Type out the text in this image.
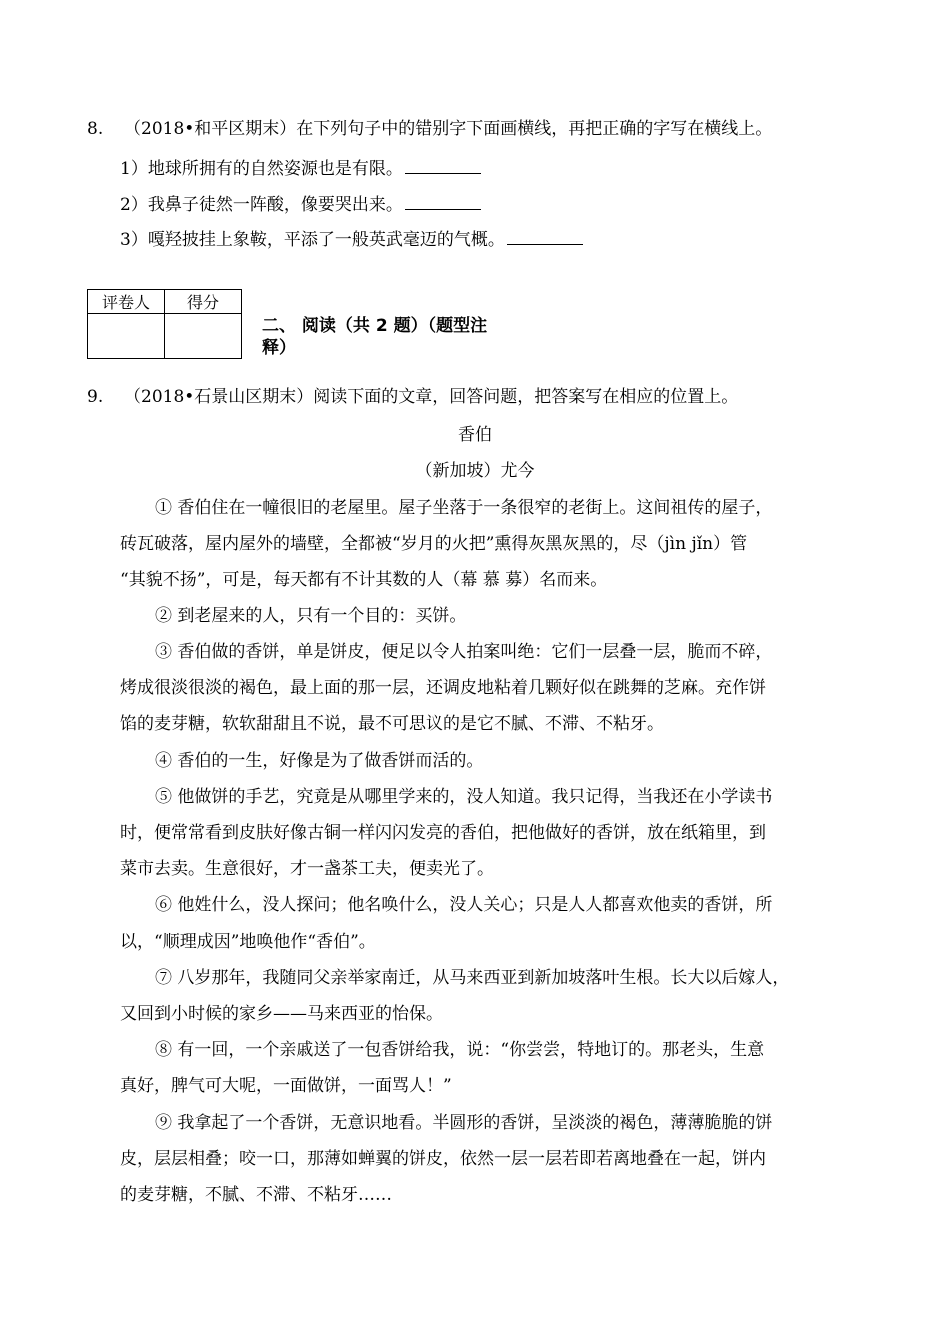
8. （2018•和平区期末）在下列句子中的错别字下面画横线，再把正确的字写在横线上。
1）地球所拥有的自然姿源也是有限。
2）我鼻子徒然一阵酸，像要哭出来。
3）嘎羟披挂上象鞍，平添了一般英武毫迈的气概。
评卷人	得分

二、 阅读（共 2 题）（题型注
释）
9. （2018•石景山区期末）阅读下面的文章，回答问题，把答案写在相应的位置上。
香伯
（新加坡）尤今
① 香伯住在一幢很旧的老屋里。屋子坐落于一条很窄的老街上。这间祖传的屋子，
砖瓦破落，屋内屋外的墙壁，全都被“岁月的火把”熏得灰黑灰黑的，尽（jìn jǐn）管
“其貌不扬”，可是，每天都有不计其数的人（幕 慕 募）名而来。
② 到老屋来的人，只有一个目的：买饼。
③ 香伯做的香饼，单是饼皮，便足以令人拍案叫绝：它们一层叠一层，脆而不碎，
烤成很淡很淡的褐色，最上面的那一层，还调皮地粘着几颗好似在跳舞的芝麻。充作饼
馅的麦芽糖，软软甜甜且不说，最不可思议的是它不腻、不滞、不粘牙。
④ 香伯的一生，好像是为了做香饼而活的。
⑤ 他做饼的手艺，究竟是从哪里学来的，没人知道。我只记得，当我还在小学读书
时，便常常看到皮肤好像古铜一样闪闪发亮的香伯，把他做好的香饼，放在纸箱里，到
菜市去卖。生意很好，才一盏茶工夫，便卖光了。
⑥ 他姓什么，没人探问；他名唤什么，没人关心；只是人人都喜欢他卖的香饼，所
以，“顺理成因”地唤他作“香伯”。
⑦ 八岁那年，我随同父亲举家南迁，从马来西亚到新加坡落叶生根。长大以后嫁人，
又回到小时候的家乡——马来西亚的怡保。
⑧ 有一回，一个亲戚送了一包香饼给我，说：“你尝尝，特地订的。那老头，生意
真好，脾气可大呢，一面做饼，一面骂人！”
⑨ 我拿起了一个香饼，无意识地看。半圆形的香饼，呈淡淡的褐色，薄薄脆脆的饼
皮，层层相叠；咬一口，那薄如蝉翼的饼皮，依然一层一层若即若离地叠在一起，饼内
的麦芽糖，不腻、不滞、不粘牙……
